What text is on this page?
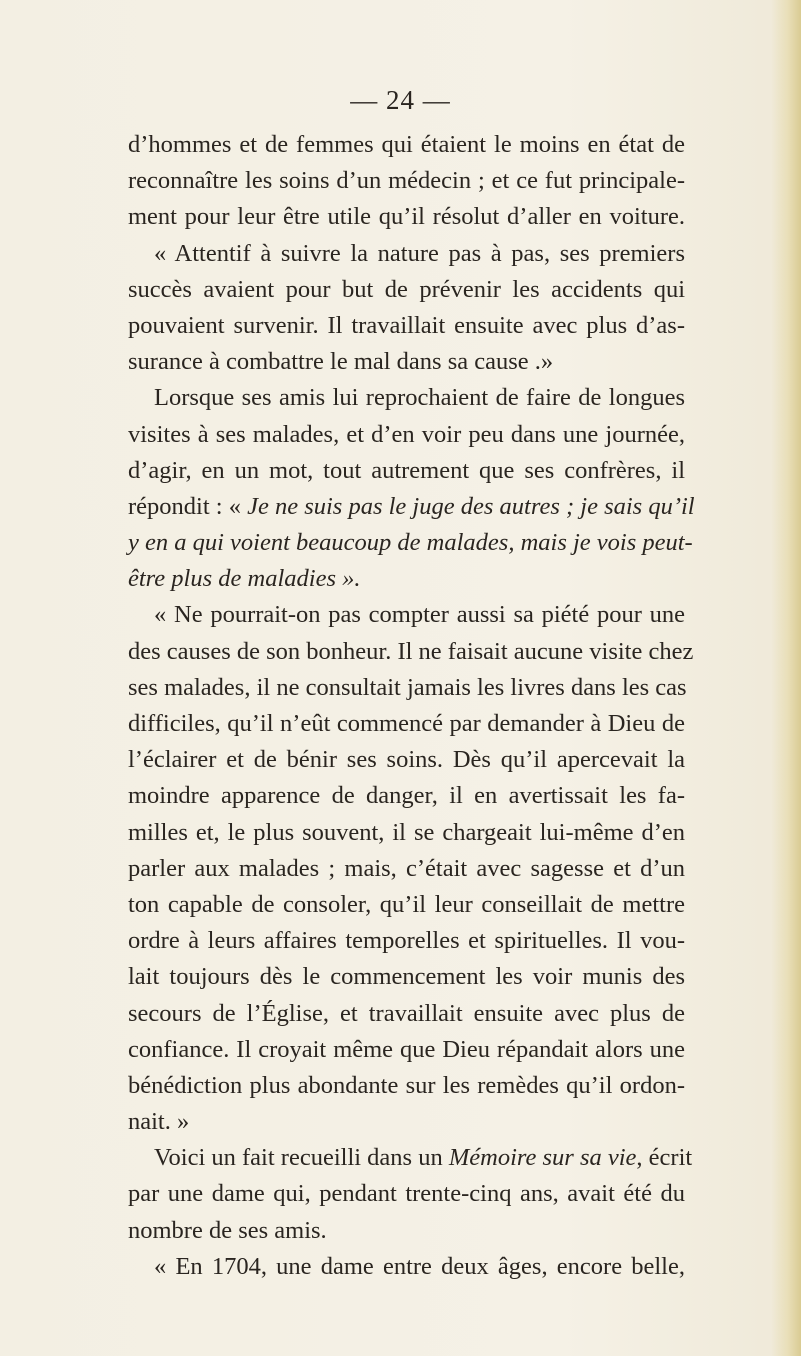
— 24 —

d’hommes et de femmes qui étaient le moins en état de
reconnaître les soins d’un médecin ; et ce fut principale-
ment pour leur être utile qu’il résolut d’aller en voiture.

« Attentif à suivre la nature pas à pas, ses premiers
succès avaient pour but de prévenir les accidents qui
pouvaient survenir. Il travaillait ensuite avec plus d’as-
surance à combattre le mal dans sa cause .»

Lorsque ses amis lui reprochaient de faire de longues
visites à ses malades, et d’en voir peu dans une journée,
d’agir, en un mot, tout autrement que ses confrères, il
répondit : « Je ne suis pas le juge des autres ; je sais qu’il
y en a qui voient beaucoup de malades, mais je vois peut-
être plus de maladies ».

« Ne pourrait-on pas compter aussi sa piété pour une
des causes de son bonheur. Il ne faisait aucune visite chez
ses malades, il ne consultait jamais les livres dans les cas
difficiles, qu’il n’eût commencé par demander à Dieu de
l’éclairer et de bénir ses soins. Dès qu’il apercevait la
moindre apparence de danger, il en avertissait les fa-
milles et, le plus souvent, il se chargeait lui-même d’en
parler aux malades ; mais, c’était avec sagesse et d’un
ton capable de consoler, qu’il leur conseillait de mettre
ordre à leurs affaires temporelles et spirituelles. Il vou-
lait toujours dès le commencement les voir munis des
secours de l’Église, et travaillait ensuite avec plus de
confiance. Il croyait même que Dieu répandait alors une
bénédiction plus abondante sur les remèdes qu’il ordon-
nait. »

Voici un fait recueilli dans un Mémoire sur sa vie, écrit
par une dame qui, pendant trente-cinq ans, avait été du
nombre de ses amis.

« En 1704, une dame entre deux âges, encore belle,
